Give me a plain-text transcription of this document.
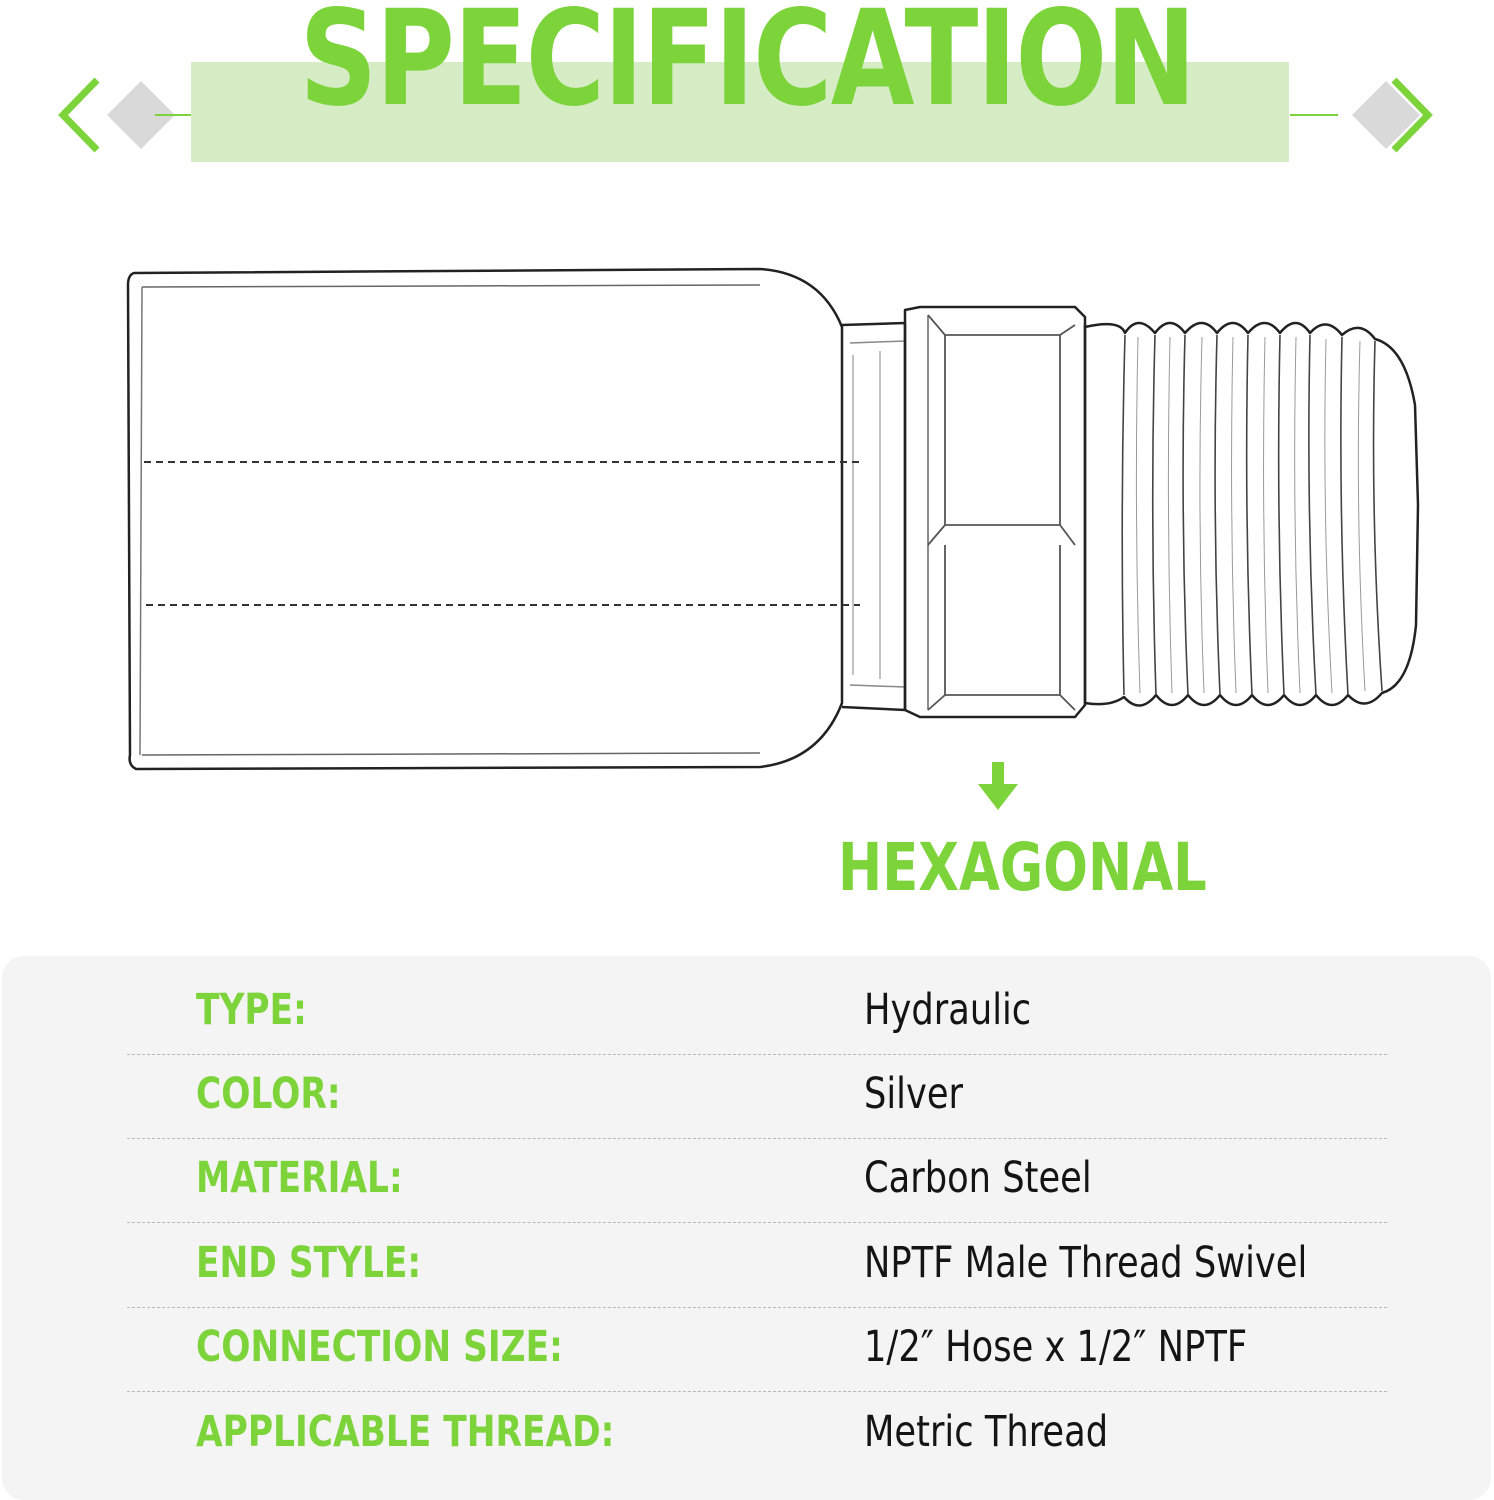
SPECIFICATION
HEXAGONAL
TYPE:	Hydraulic
COLOR:	Silver
MATERIAL:	Carbon Steel
END STYLE:	NPTF Male Thread Swivel
CONNECTION SIZE:	1/2″ Hose x 1/2″ NPTF
APPLICABLE THREAD:	Metric Thread
